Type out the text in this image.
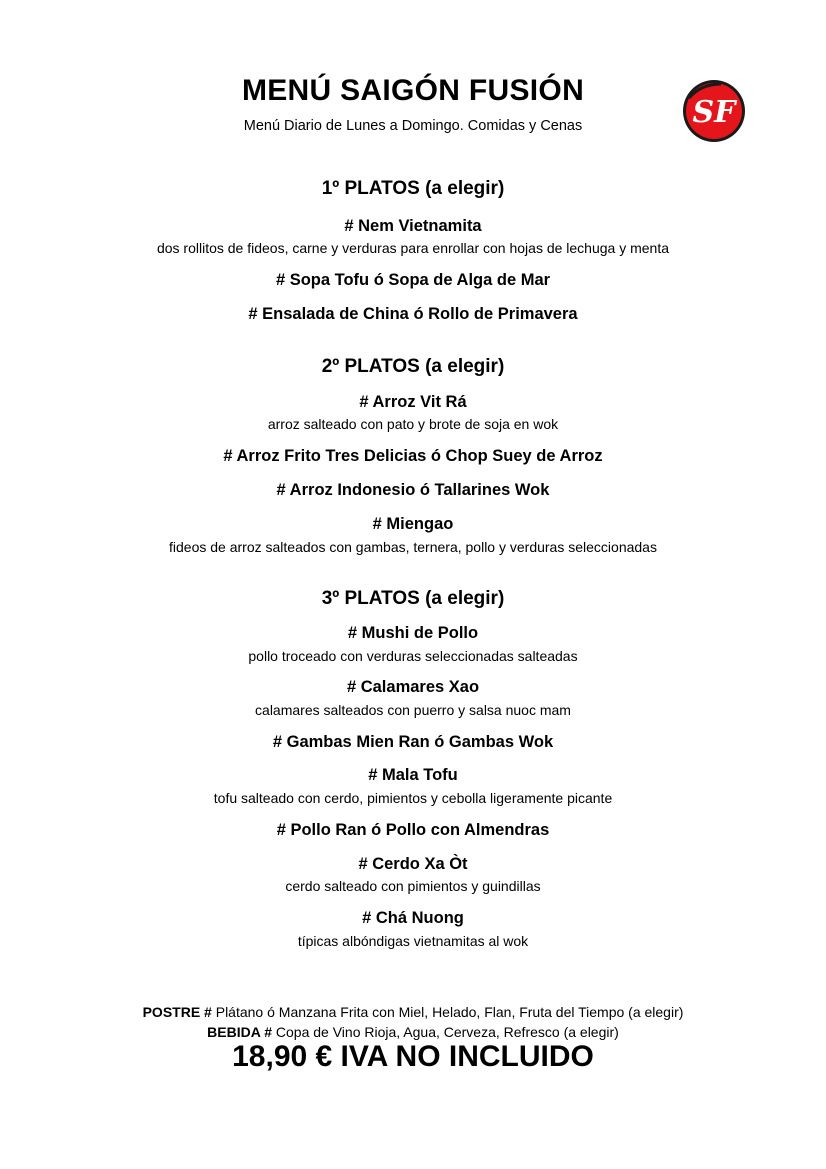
MENÚ SAIGÓN FUSIÓN
Menú Diario de Lunes a Domingo. Comidas y Cenas	SF
1º PLATOS (a elegir)
# Nem Vietnamita
dos rollitos de fideos, carne y verduras para enrollar con hojas de lechuga y menta
# Sopa Tofu ó Sopa de Alga de Mar
# Ensalada de China ó Rollo de Primavera
2º PLATOS (a elegir)
# Arroz Vit Rá
arroz salteado con pato y brote de soja en wok
# Arroz Frito Tres Delicias ó Chop Suey de Arroz
# Arroz Indonesio ó Tallarines Wok
# Miengao
fideos de arroz salteados con gambas, ternera, pollo y verduras seleccionadas
3º PLATOS (a elegir)
# Mushi de Pollo
pollo troceado con verduras seleccionadas salteadas
# Calamares Xao
calamares salteados con puerro y salsa nuoc mam
# Gambas Mien Ran ó Gambas Wok
# Mala Tofu
tofu salteado con cerdo, pimientos y cebolla ligeramente picante
# Pollo Ran ó Pollo con Almendras
# Cerdo Xa Òt
cerdo salteado con pimientos y guindillas
# Chá Nuong
típicas albóndigas vietnamitas al wok
POSTRE # Plátano ó Manzana Frita con Miel, Helado, Flan, Fruta del Tiempo (a elegir)
BEBIDA # Copa de Vino Rioja, Agua, Cerveza, Refresco (a elegir)
18,90 € IVA NO INCLUIDO
